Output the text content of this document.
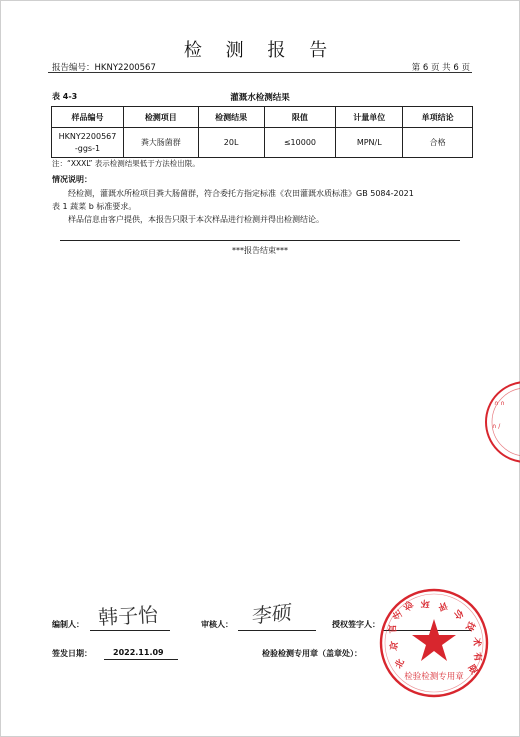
检 测 报 告
报告编号：HKNY2200567	第 6 页 共 6 页
表 4-3	灌溉水检测结果
样品编号	检测项目	检测结果	限值	计量单位	单项结论
HKNY2200567
-ggs-1	粪大肠菌群	20L	≤10000	MPN/L	合格
注：“XXXL” 表示检测结果低于方法检出限。
情况说明：
经检测，灌溉水所检项目粪大肠菌群，符合委托方指定标准《农田灌溉水质标准》GB 5084-2021
表 1 蔬菜 b 标准要求。
样品信息由客户提供，本报告只限于本次样品进行检测并得出检测结论。
***报告结束***
∩ ∩
∩ /
编制人： 韩子怡	审核人： 李硕	授权签字人：
签发日期：	2022.11.09	检验检测专用章（盖章处）：
北
京
言
生
态 环 评
价
技
术
有
限
检验检测专用章
